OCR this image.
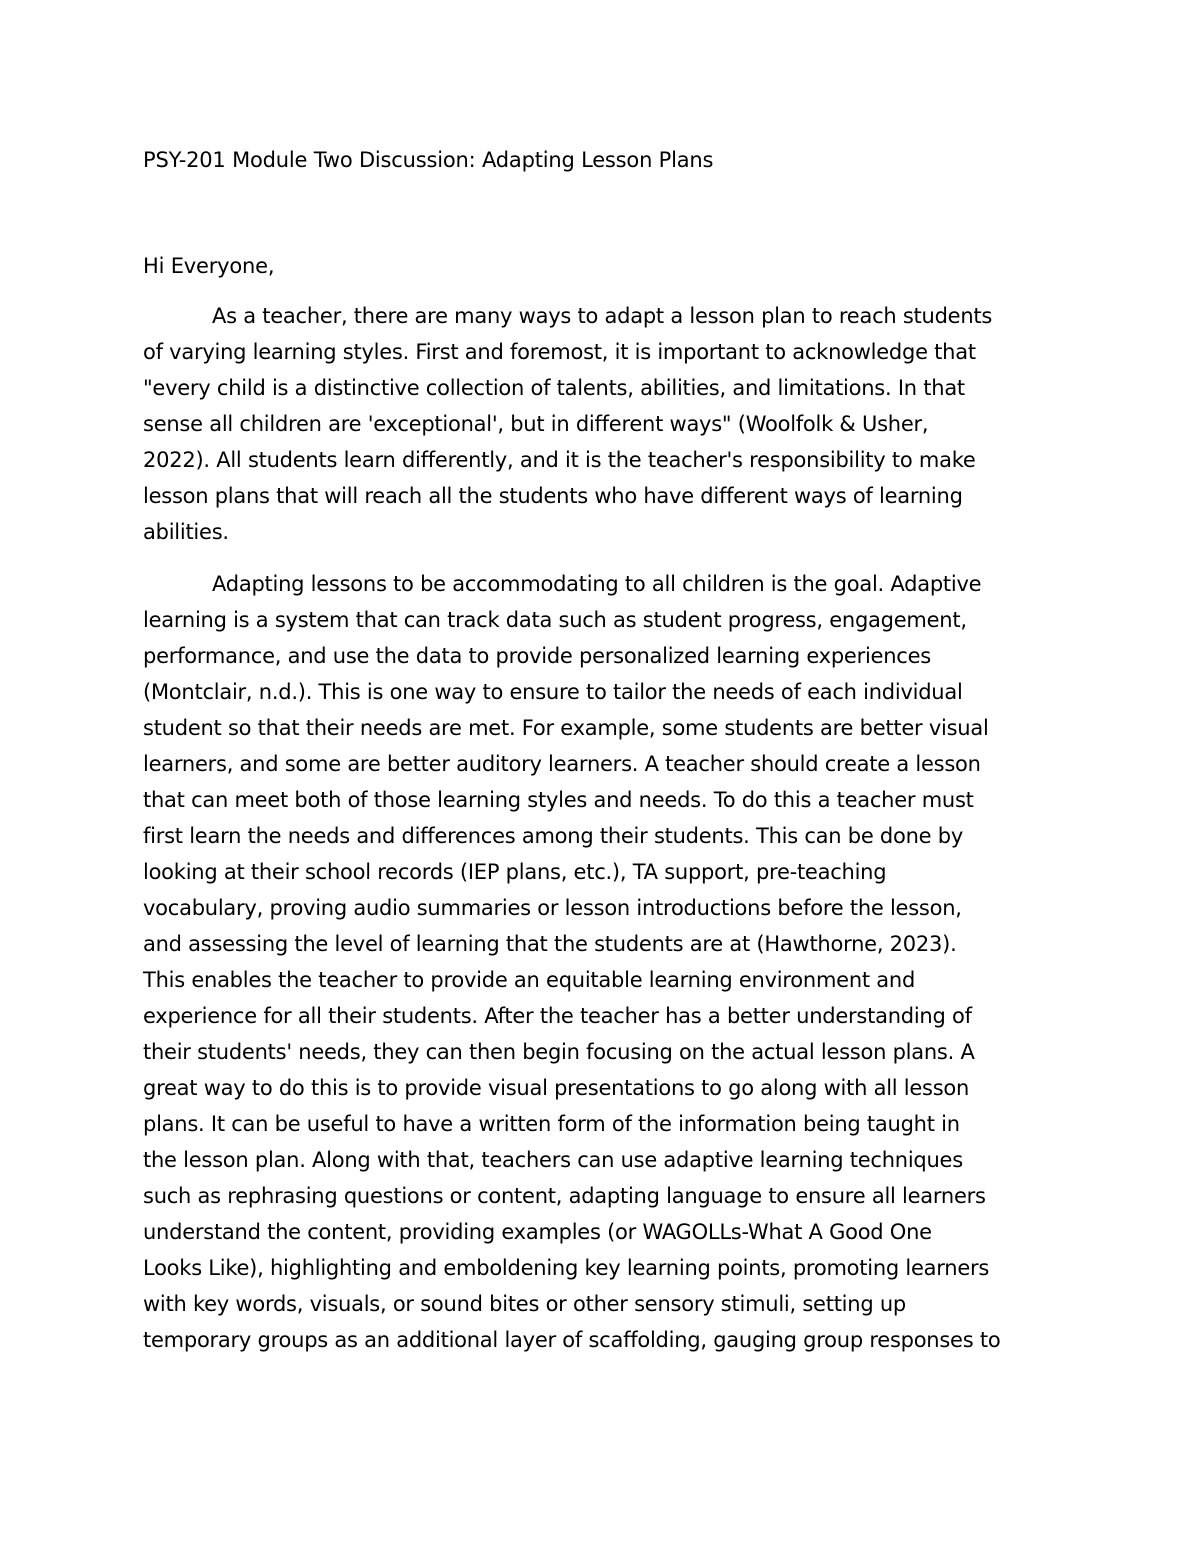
PSY-201 Module Two Discussion: Adapting Lesson Plans
Hi Everyone,
As a teacher, there are many ways to adapt a lesson plan to reach students
of varying learning styles. First and foremost, it is important to acknowledge that
"every child is a distinctive collection of talents, abilities, and limitations. In that
sense all children are 'exceptional', but in different ways" (Woolfolk & Usher,
2022). All students learn differently, and it is the teacher's responsibility to make
lesson plans that will reach all the students who have different ways of learning
abilities.
Adapting lessons to be accommodating to all children is the goal. Adaptive
learning is a system that can track data such as student progress, engagement,
performance, and use the data to provide personalized learning experiences
(Montclair, n.d.). This is one way to ensure to tailor the needs of each individual
student so that their needs are met. For example, some students are better visual
learners, and some are better auditory learners. A teacher should create a lesson
that can meet both of those learning styles and needs. To do this a teacher must
first learn the needs and differences among their students. This can be done by
looking at their school records (IEP plans, etc.), TA support, pre-teaching
vocabulary, proving audio summaries or lesson introductions before the lesson,
and assessing the level of learning that the students are at (Hawthorne, 2023).
This enables the teacher to provide an equitable learning environment and
experience for all their students. After the teacher has a better understanding of
their students' needs, they can then begin focusing on the actual lesson plans. A
great way to do this is to provide visual presentations to go along with all lesson
plans. It can be useful to have a written form of the information being taught in
the lesson plan. Along with that, teachers can use adaptive learning techniques
such as rephrasing questions or content, adapting language to ensure all learners
understand the content, providing examples (or WAGOLLs-What A Good One
Looks Like), highlighting and emboldening key learning points, promoting learners
with key words, visuals, or sound bites or other sensory stimuli, setting up
temporary groups as an additional layer of scaffolding, gauging group responses to
